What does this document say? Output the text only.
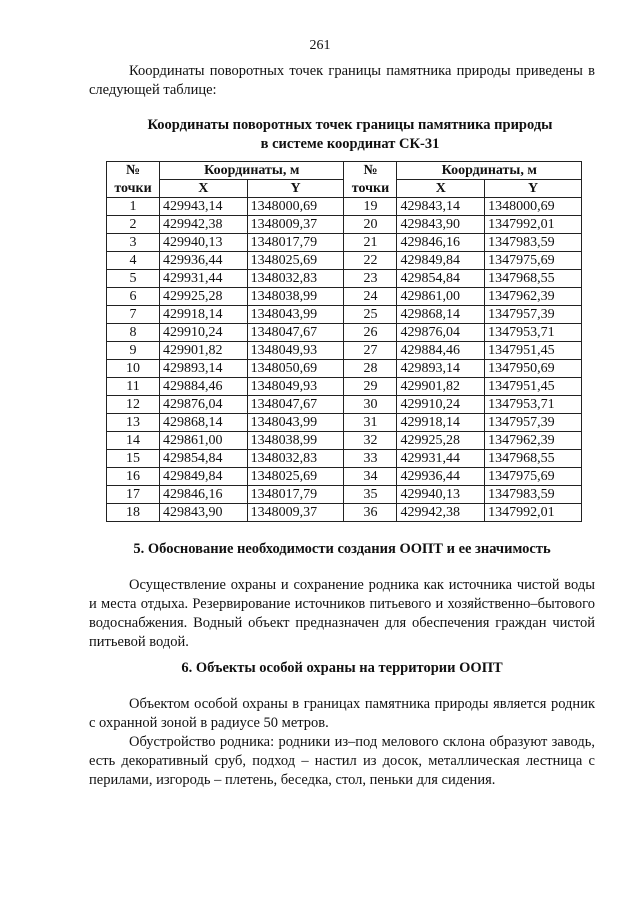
261

Координаты поворотных точек границы памятника природы приведены в следующей таблице:

Координаты поворотных точек границы памятника природы
в системе координат СК-31
№	Координаты, м		№	Координаты, м	
точки	X	Y	точки	X	Y
1	429943,14	1348000,69	19	429843,14	1348000,69
2	429942,38	1348009,37	20	429843,90	1347992,01
3	429940,13	1348017,79	21	429846,16	1347983,59
4	429936,44	1348025,69	22	429849,84	1347975,69
5	429931,44	1348032,83	23	429854,84	1347968,55
6	429925,28	1348038,99	24	429861,00	1347962,39
7	429918,14	1348043,99	25	429868,14	1347957,39
8	429910,24	1348047,67	26	429876,04	1347953,71
9	429901,82	1348049,93	27	429884,46	1347951,45
10	429893,14	1348050,69	28	429893,14	1347950,69
11	429884,46	1348049,93	29	429901,82	1347951,45
12	429876,04	1348047,67	30	429910,24	1347953,71
13	429868,14	1348043,99	31	429918,14	1347957,39
14	429861,00	1348038,99	32	429925,28	1347962,39
15	429854,84	1348032,83	33	429931,44	1347968,55
16	429849,84	1348025,69	34	429936,44	1347975,69
17	429846,16	1348017,79	35	429940,13	1347983,59
18	429843,90	1348009,37	36	429942,38	1347992,01
5. Обоснование необходимости создания ООПТ и ее значимость

Осуществление охраны и сохранение родника как источника чистой воды и места отдыха. Резервирование источников питьевого и хозяйственно–бытового водоснабжения. Водный объект предназначен для обеспечения граждан чистой питьевой водой.

6. Объекты особой охраны на территории ООПТ

Объектом особой охраны в границах памятника природы является родник с охранной зоной в радиусе 50 метров.

Обустройство родника: родники из–под мелового склона образуют заводь, есть декоративный сруб, подход – настил из досок, металлическая лестница с перилами, изгородь – плетень, беседка, стол, пеньки для сидения.
